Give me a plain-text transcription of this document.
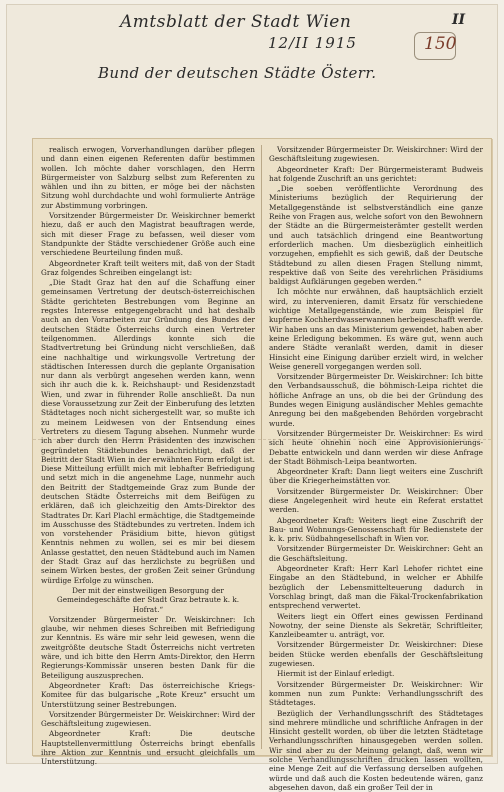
Amtsblatt der Stadt Wien	II
12/II 1915	150
Bund der deutschen Städte Österr.

realisch erwogen, Vorverhandlungen darüber pflegen und dann einen eigenen Referenten dafür bestimmen wollen. Ich möchte daher vorschlagen, den Herrn Bürgermeister von Salzburg selbst zum Referenten zu wählen und ihn zu bitten, er möge bei der nächsten Sitzung wohl durchdachte und wohl formulierte Anträge zur Abstimmung vorbringen.

Vorsitzender Bürgermeister Dr. Weiskirchner bemerkt hiezu, daß er auch den Magistrat beauftragen werde, sich mit dieser Frage zu befassen, weil dieser vom Standpunkte der Städte verschiedener Größe auch eine verschiedene Beurteilung finden muß.

Abgeordneter Kraft teilt weiters mit, daß von der Stadt Graz folgendes Schreiben eingelangt ist:

„Die Stadt Graz hat den auf die Schaffung einer gemeinsamen Vertretung der deutsch-österreichischen Städte gerichteten Bestrebungen vom Beginne an regstes Interesse entgegengebracht und hat deshalb auch an den Vorarbeiten zur Gründung des Bundes der deutschen Städte Österreichs durch einen Vertreter teilgenommen. Allerdings konnte sich die Stadtvertretung bei Gründung nicht verschließen, daß eine nachhaltige und wirkungsvolle Vertretung der städtischen Interessen durch die geplante Organisation nur dann als verbürgt angesehen werden kann, wenn sich ihr auch die k. k. Reichshaupt- und Residenzstadt Wien, und zwar in führender Rolle anschließt. Da nun diese Voraussetzung zur Zeit der Einberufung des letzten Städtetages noch nicht sichergestellt war, so mußte ich zu meinem Leidwesen von der Entsendung eines Vertreters zu diesem Tagung absehen. Nunmehr wurde ich aber durch den Herrn Präsidenten des inzwischen gegründeten Städtebundes benachrichtigt, daß der Beitritt der Stadt Wien in der erwähnten Form erfolgt ist. Diese Mitteilung erfüllt mich mit lebhafter Befriedigung und setzt mich in die angenehme Lage, nunmehr auch den Beitritt der Stadtgemeinde Graz zum Bunde der deutschen Städte Österreichs mit dem Beifügen zu erklären, daß ich gleichzeitig den Amts-Direktor des Stadtrates Dr. Karl Plachl ermächtige, die Stadtgemeinde im Ausschusse des Städtebundes zu vertreten. Indem ich von vorstehender Präsidium bitte, hievon gütigst Kenntnis nehmen zu wollen, sei es mir bei diesem Anlasse gestattet, den neuen Städtebund auch im Namen der Stadt Graz auf das herzlichste zu begrüßen und seinem Wirken bestes, der großen Zeit seiner Gründung würdige Erfolge zu wünschen.

Der mit der einstweiligen Besorgung der Gemeindegeschäfte der Stadt Graz betraute k. k. Hofrat.“

Vorsitzender Bürgermeister Dr. Weiskirchner: Ich glaube, wir nehmen dieses Schreiben mit Befriedigung zur Kenntnis. Es wäre mir sehr leid gewesen, wenn die zweitgrößte deutsche Stadt Österreichs nicht vertreten wäre, und ich bitte den Herrn Amts-Direktor, den Herrn Regierungs-Kommissär unseren besten Dank für die Beteiligung auszusprechen.

Abgeordneter Kraft: Das österreichische Kriegs-Komitee für das bulgarische „Rote Kreuz“ ersucht um Unterstützung seiner Bestrebungen.

Vorsitzender Bürgermeister Dr. Weiskirchner: Wird der Geschäftsleitung zugewiesen.

Abgeordneter Kraft: Die deutsche Hauptstellenvermittlung Österreichs bringt ebenfalls ihre Aktion zur Kenntnis und ersucht gleichfalls um Unterstützung.

Vorsitzender Bürgermeister Dr. Weiskirchner: Wird der Geschäftsleitung zugewiesen.

Abgeordneter Kraft: Der Bürgermeisteramt Budweis hat folgende Zuschrift an uns gerichtet:

„Die soeben veröffentlichte Verordnung des Ministeriums bezüglich der Requirierung der Metallgegenstände ist selbstverständlich eine ganze Reihe von Fragen aus, welche sofort von den Bewohnern der Städte an die Bürgermeisterämter gestellt werden und auch tatsächlich dringend eine Beantwortung erforderlich machen. Um diesbezüglich einheitlich vorzugehen, empfiehlt es sich gewiß, daß der Deutsche Städtebund zu allen diesen Fragen Stellung nimmt, respektive daß von Seite des verehrlichen Präsidiums baldigst Aufklärungen gegeben werden.“

Ich möchte nur erwähnen, daß hauptsächlich erzielt wird, zu intervenieren, damit Ersatz für verschiedene wichtige Metallgegenstände, wie zum Beispiel für kupferne Kochherdwasserwannen herbeigeschafft werde. Wir haben uns an das Ministerium gewendet, haben aber keine Erledigung bekommen. Es wäre gut, wenn auch andere Städte veranlaßt werden, damit in dieser Hinsicht eine Einigung darüber erzielt wird, in welcher Weise generell vorgegangen werden soll.

Vorsitzender Bürgermeister Dr. Weiskirchner: Ich bitte den Verbandsausschuß, die böhmisch-Leipa richtet die höfliche Anfrage an uns, ob die bei der Gründung des Bundes wegen Einigung ausländischer Mehles gemachte Anregung bei den maßgebenden Behörden vorgebracht wurde.

Vorsitzender Bürgermeister Dr. Weiskirchner: Es wird sich heute ohnehin noch eine Approvisionierungs-Debatte entwickeln und dann werden wir diese Anfrage der Stadt Böhmisch-Leipa beantworten.

Abgeordneter Kraft: Dann liegt weiters eine Zuschrift über die Kriegerheimstätten vor.

Vorsitzender Bürgermeister Dr. Weiskirchner: Über diese Angelegenheit wird heute ein Referat erstattet werden.

Abgeordneter Kraft: Weiters liegt eine Zuschrift der Bau- und Wohnungs-Genossenschaft für Bedienstete der k. k. priv. Südbahngesellschaft in Wien vor.

Vorsitzender Bürgermeister Dr. Weiskirchner: Geht an die Geschäftsleitung.

Abgeordneter Kraft: Herr Karl Lehofer richtet eine Eingabe an den Städtebund, in welcher er Abhilfe bezüglich der Lebensmittelteuerung dadurch in Vorschlag bringt, daß man die Fäkal-Trockenfabrikation entsprechend verwertet.

Weiters liegt ein Offert eines gewissen Ferdinand Nowotny, der seine Dienste als Sekretär, Schriftleiter, Kanzleibeamter u. anträgt, vor.

Vorsitzender Bürgermeister Dr. Weiskirchner: Diese beiden Stücke werden ebenfalls der Geschäftsleitung zugewiesen.

Hiermit ist der Einlauf erledigt.

Vorsitzender Bürgermeister Dr. Weiskirchner: Wir kommen nun zum Punkte: Verhandlungsschrift des Städtetages.

Bezüglich der Verhandlungsschrift des Städtetages sind mehrere mündliche und schriftliche Anfragen in der Hinsicht gestellt worden, ob über die letzten Städtetage Verhandlungsschriften hinausgegeben werden sollen. Wir sind aber zu der Meinung gelangt, daß, wenn wir solche Verhandlungsschriften drucken lassen wollten, eine Menge Zeit auf die Verfassung derselben aufgehen würde und daß auch die Kosten bedeutende wären, ganz abgesehen davon, daß ein großer Teil der in
